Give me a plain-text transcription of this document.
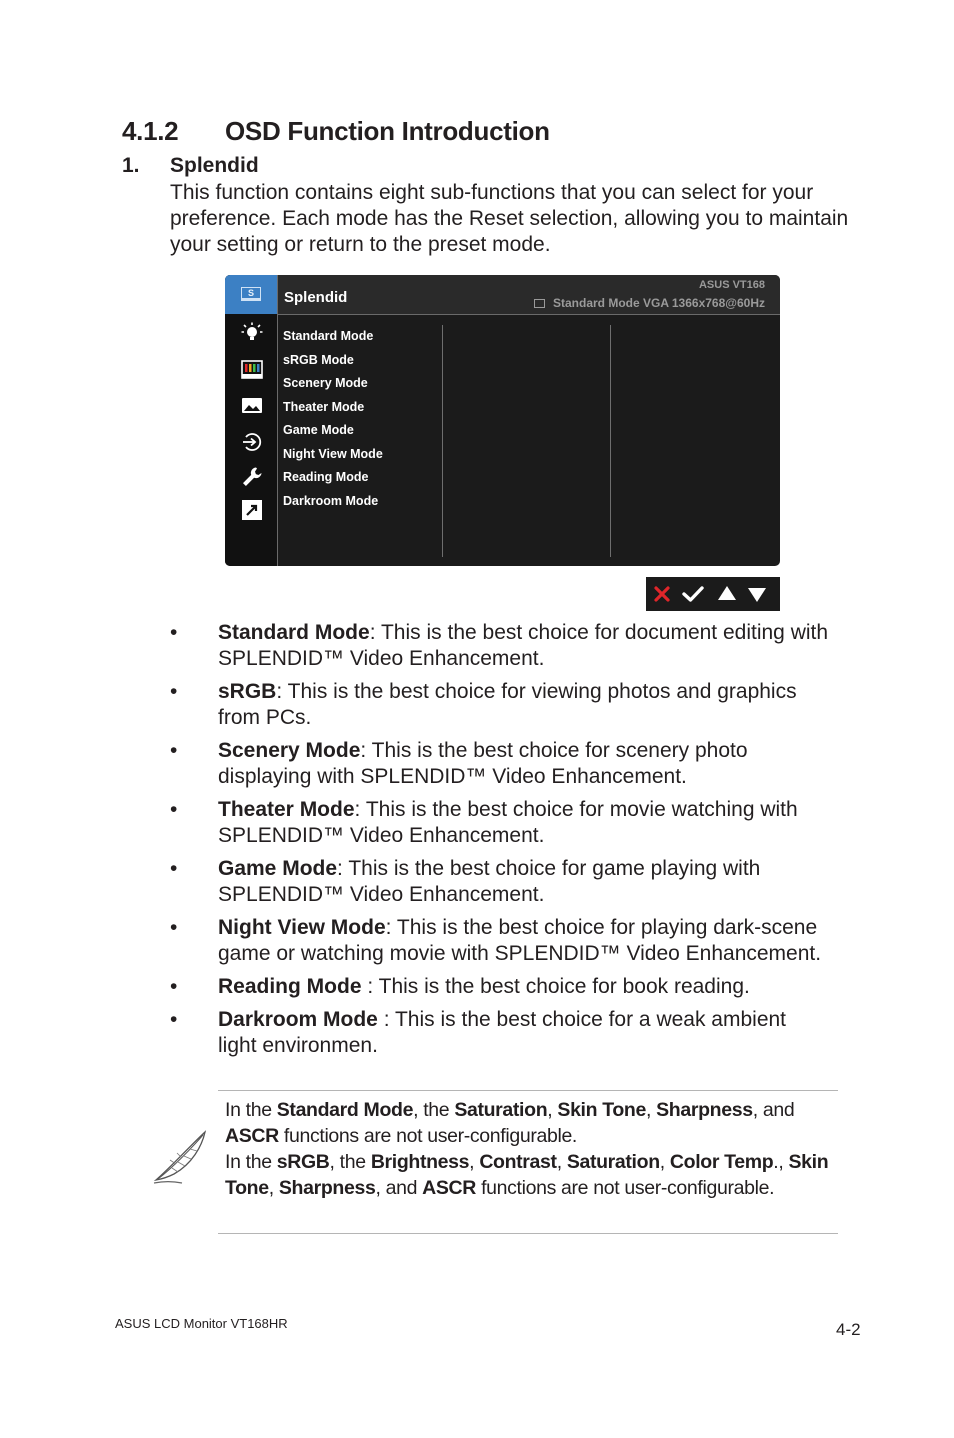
4.1.2 OSD Function Introduction
1. Splendid

This function contains eight sub-functions that you can select for your preference. Each mode has the Reset selection, allowing you to maintain your setting or return to the preset mode.

S	Splendid
ASUS VT168
Standard Mode VGA 1366x768@60Hz
Standard Mode
sRGB Mode
Scenery Mode
Theater Mode
Game Mode
Night View Mode
Reading Mode
Darkroom Mode
• Standard Mode: This is the best choice for document editing with SPLENDID™ Video Enhancement.
• sRGB: This is the best choice for viewing photos and graphics from PCs.
• Scenery Mode: This is the best choice for scenery photo displaying with SPLENDID™ Video Enhancement.
• Theater Mode: This is the best choice for movie watching with SPLENDID™ Video Enhancement.
• Game Mode: This is the best choice for game playing with SPLENDID™ Video Enhancement.
• Night View Mode: This is the best choice for playing dark-scene game or watching movie with SPLENDID™ Video Enhancement.
• Reading Mode : This is the best choice for book reading.
• Darkroom Mode : This is the best choice for a weak ambient light environmen.

In the Standard Mode, the Saturation, Skin Tone, Sharpness, and ASCR functions are not user-configurable.

In the sRGB, the Brightness, Contrast, Saturation, Color Temp., Skin Tone, Sharpness, and ASCR functions are not user-configurable.

ASUS LCD Monitor VT168HR	4-2
